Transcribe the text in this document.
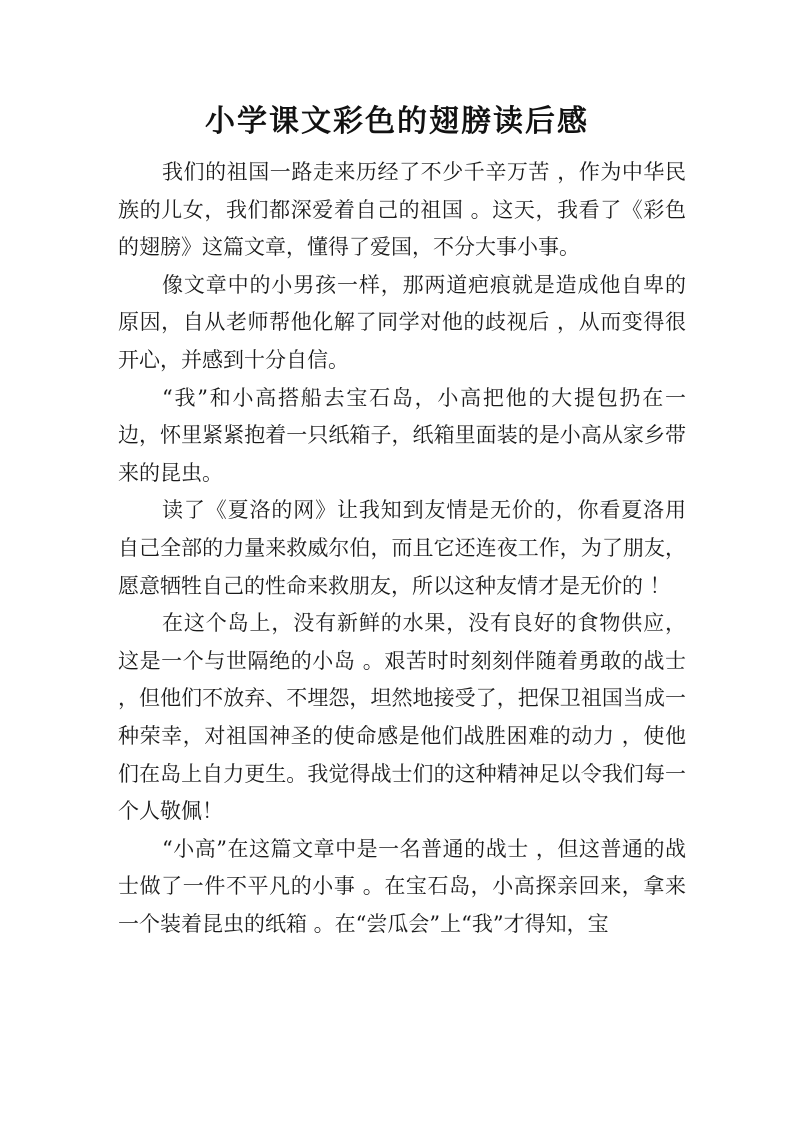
小学课文彩色的翅膀读后感

我们的祖国一路走来历经了不少千辛万苦 ，作为中华民族的儿女，我们都深爱着自己的祖国 。这天，我看了《彩色的翅膀》这篇文章，懂得了爱国，不分大事小事。

像文章中的小男孩一样，那两道疤痕就是造成他自卑的原因，自从老师帮他化解了同学对他的歧视后 ，从而变得很开心，并感到十分自信。

“我”和小高搭船去宝石岛，小高把他的大提包扔在一边，怀里紧紧抱着一只纸箱子，纸箱里面装的是小高从家乡带来的昆虫。

读了《夏洛的网》让我知到友情是无价的，你看夏洛用自己全部的力量来救威尔伯，而且它还连夜工作，为了朋友，愿意牺牲自己的性命来救朋友，所以这种友情才是无价的 ！

在这个岛上，没有新鲜的水果，没有良好的食物供应，这是一个与世隔绝的小岛 。艰苦时时刻刻伴随着勇敢的战士 ，但他们不放弃、不埋怨，坦然地接受了，把保卫祖国当成一种荣幸，对祖国神圣的使命感是他们战胜困难的动力 ，使他们在岛上自力更生。我觉得战士们的这种精神足以令我们每一个人敬佩！

“小高”在这篇文章中是一名普通的战士 ，但这普通的战士做了一件不平凡的小事 。在宝石岛，小高探亲回来，拿来一个装着昆虫的纸箱 。在“尝瓜会”上“我”才得知，宝
